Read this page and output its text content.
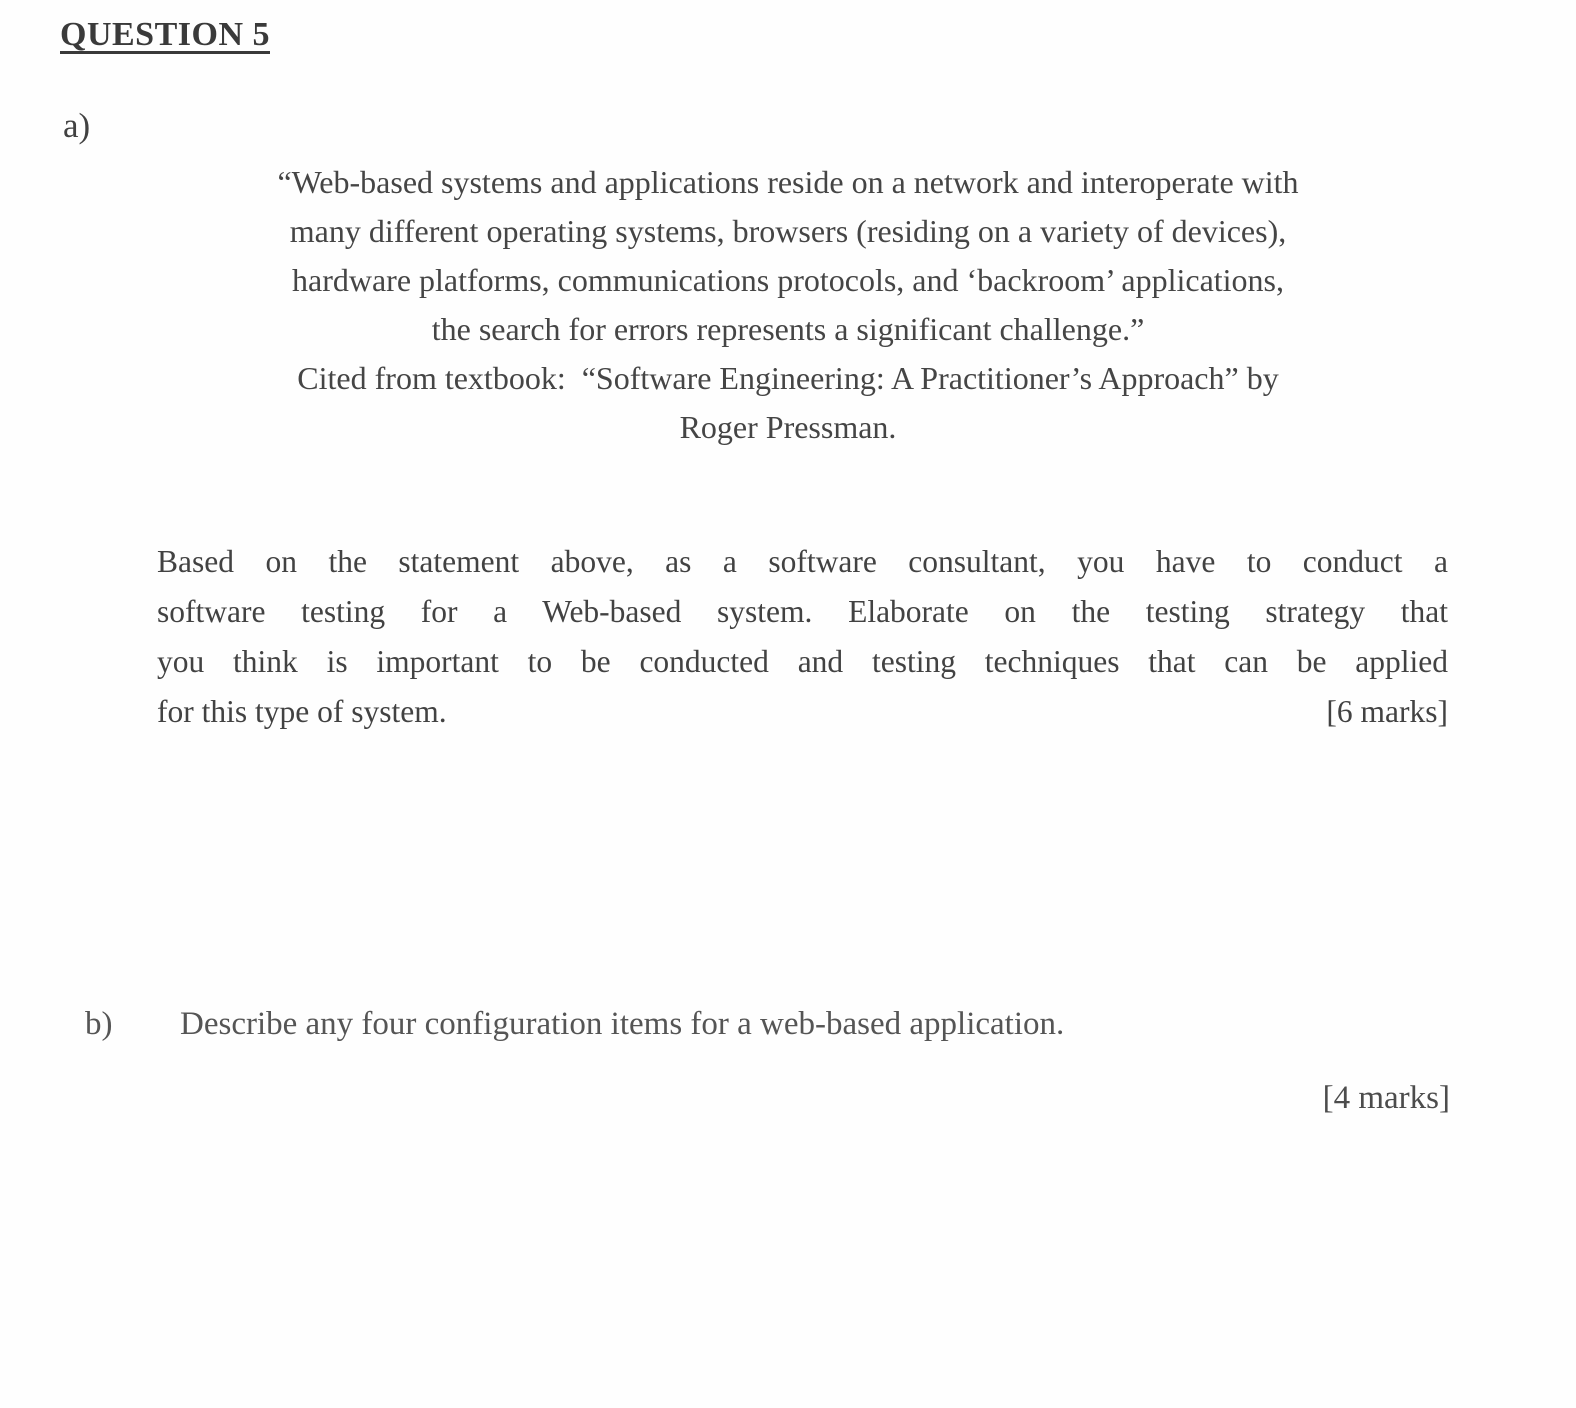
QUESTION 5
a)
“Web-based systems and applications reside on a network and interoperate with
many different operating systems, browsers (residing on a variety of devices),
hardware platforms, communications protocols, and ‘backroom’ applications,
the search for errors represents a significant challenge.”
Cited from textbook:  “Software Engineering: A Practitioner’s Approach” by
Roger Pressman.
Based on the statement above, as a software consultant, you have to conduct a
software testing for a Web-based system. Elaborate on the testing strategy that
you think is important to be conducted and testing techniques that can be applied
for this type of system.	[6 marks]
b)	Describe any four configuration items for a web-based application.
[4 marks]
